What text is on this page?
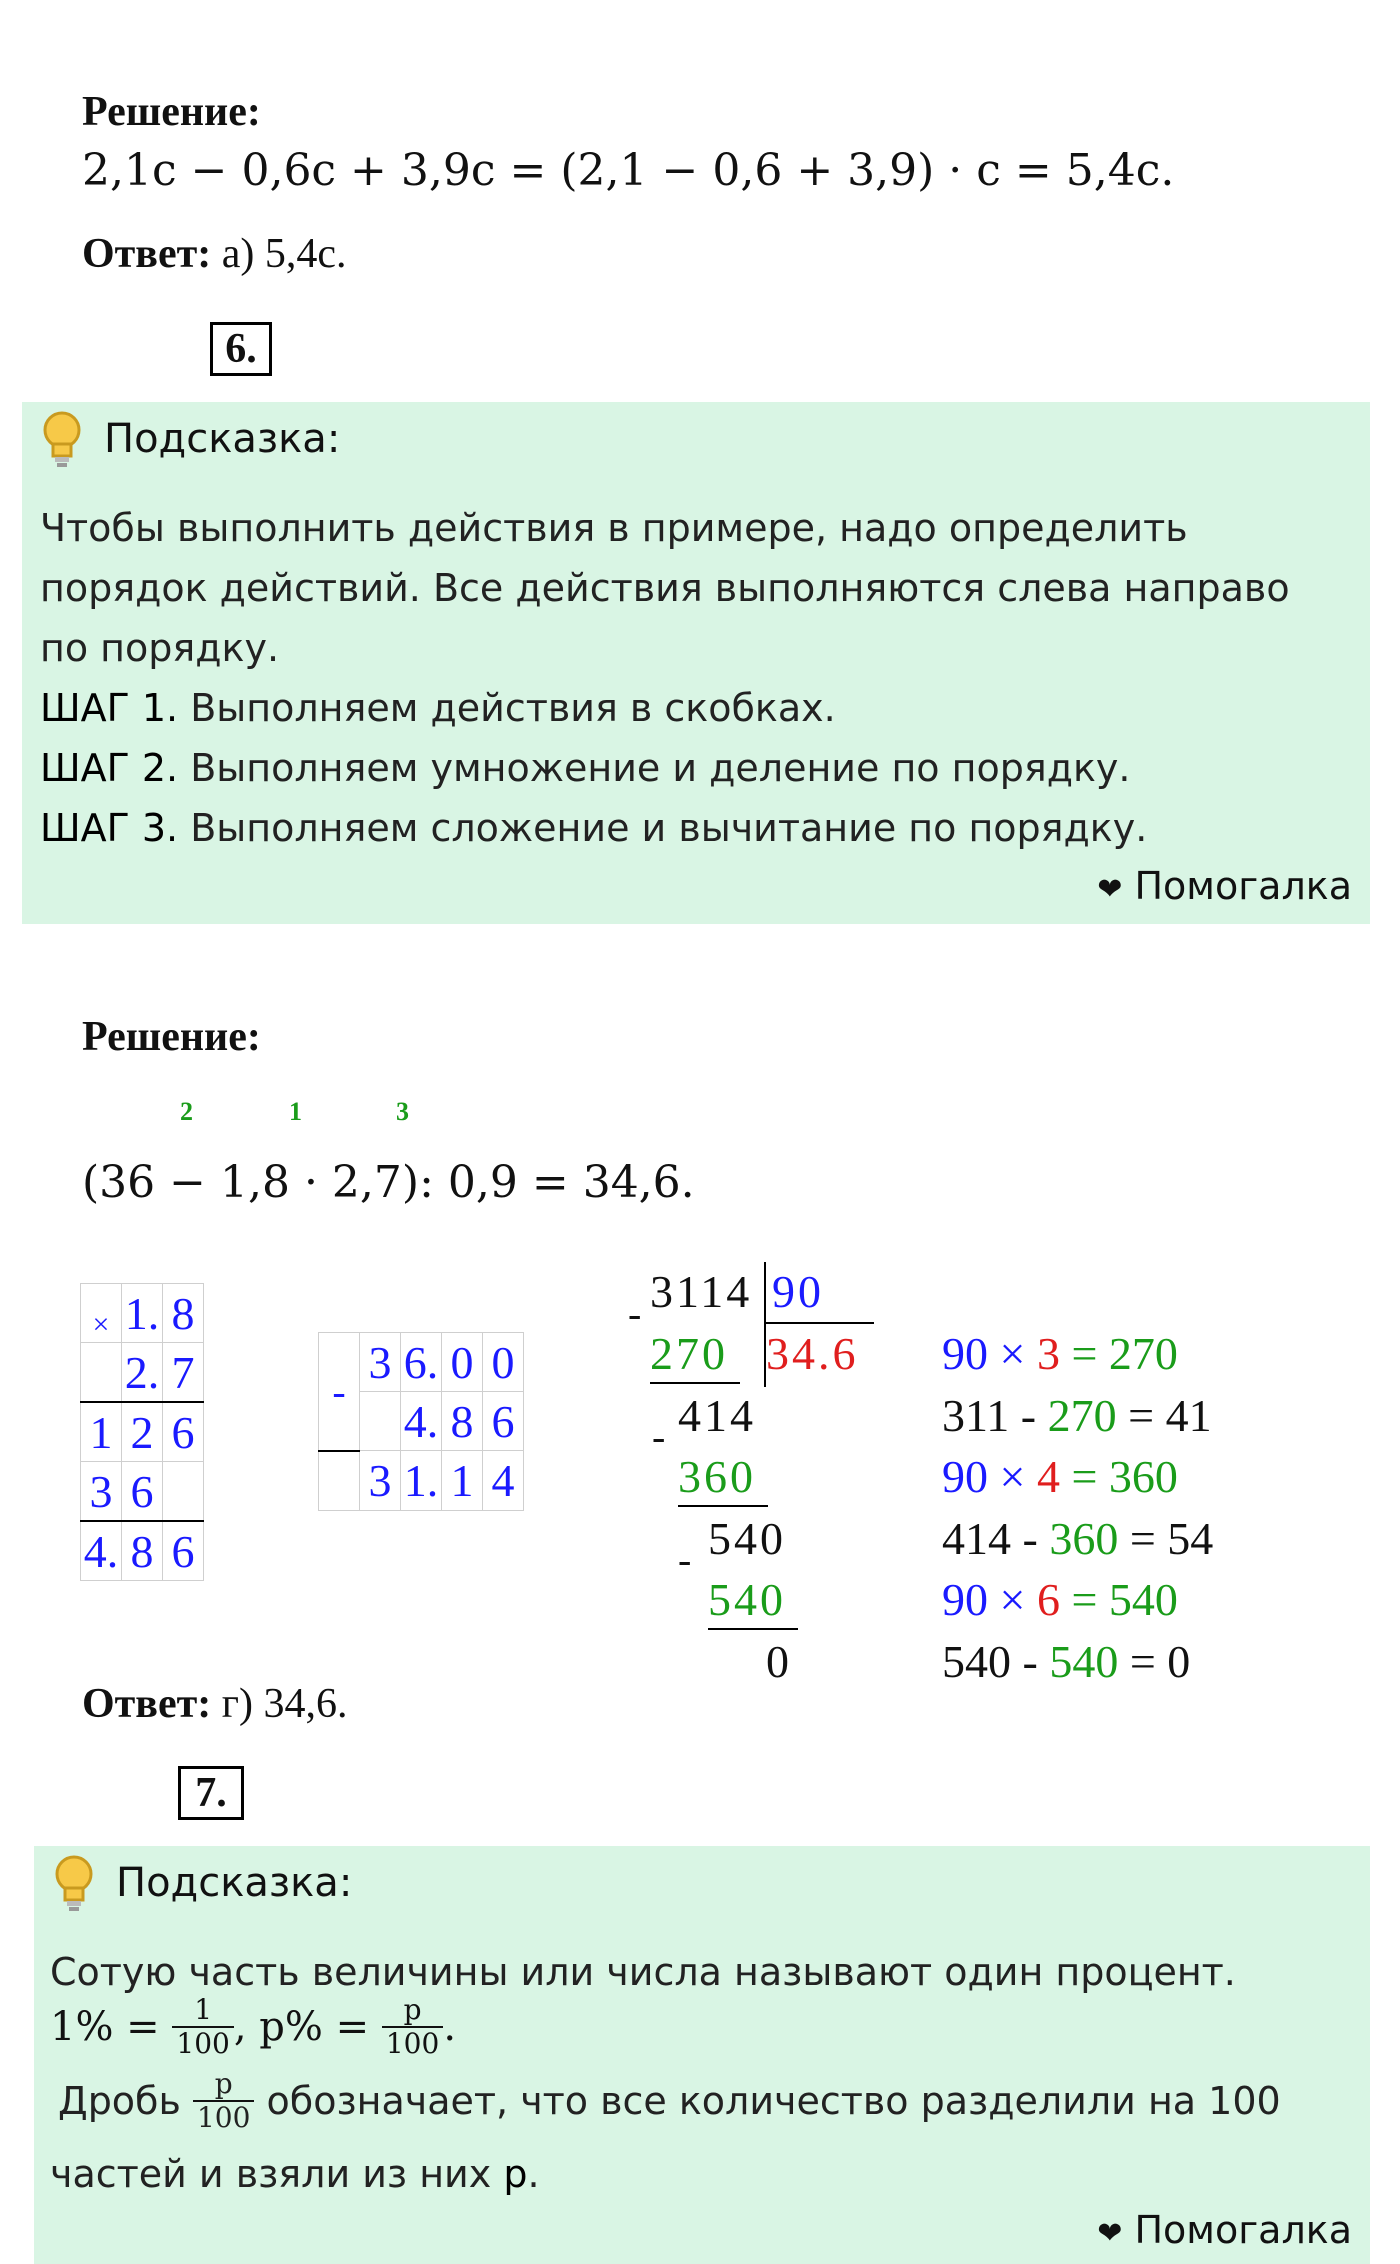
Решение:
2,1c − 0,6c + 3,9c = (2,1 − 0,6 + 3,9) · c = 5,4c.
Ответ: а) 5,4с.
6.
Подсказка:
Чтобы выполнить действия в примере, надо определить
порядок действий. Все действия выполняются слева направо
по порядку.
ШАГ 1. Выполняем действия в скобках.
ШАГ 2. Выполняем умножение и деление по порядку.
ШАГ 3. Выполняем сложение и вычитание по порядку.
❤ Помогалка
Решение:
2	1	3
(36 − 1,8 · 2,7): 0,9 = 34,6.
×	1.	8
	2.	7
1	2	6
3	6	
4.	8	6
-	3	6.	0	0
		4.	8	6
	3	1.	1	4
3114 90
34.6
-
270
414
-
360
540
-
540
0
90 × 3 = 270
311 - 270 = 41
90 × 4 = 360
414 - 360 = 54
90 × 6 = 540
540 - 540 = 0
Ответ: г) 34,6.
7.
Подсказка:
Сотую часть величины или числа называют один процент.
$1\% = \frac{1}{100}$ , $p\% = \frac{p}{100}$ .
Дробь $\frac{p}{100}$ обозначает, что все количество разделили на 100
частей и взяли из них р.
❤ Помогалка
